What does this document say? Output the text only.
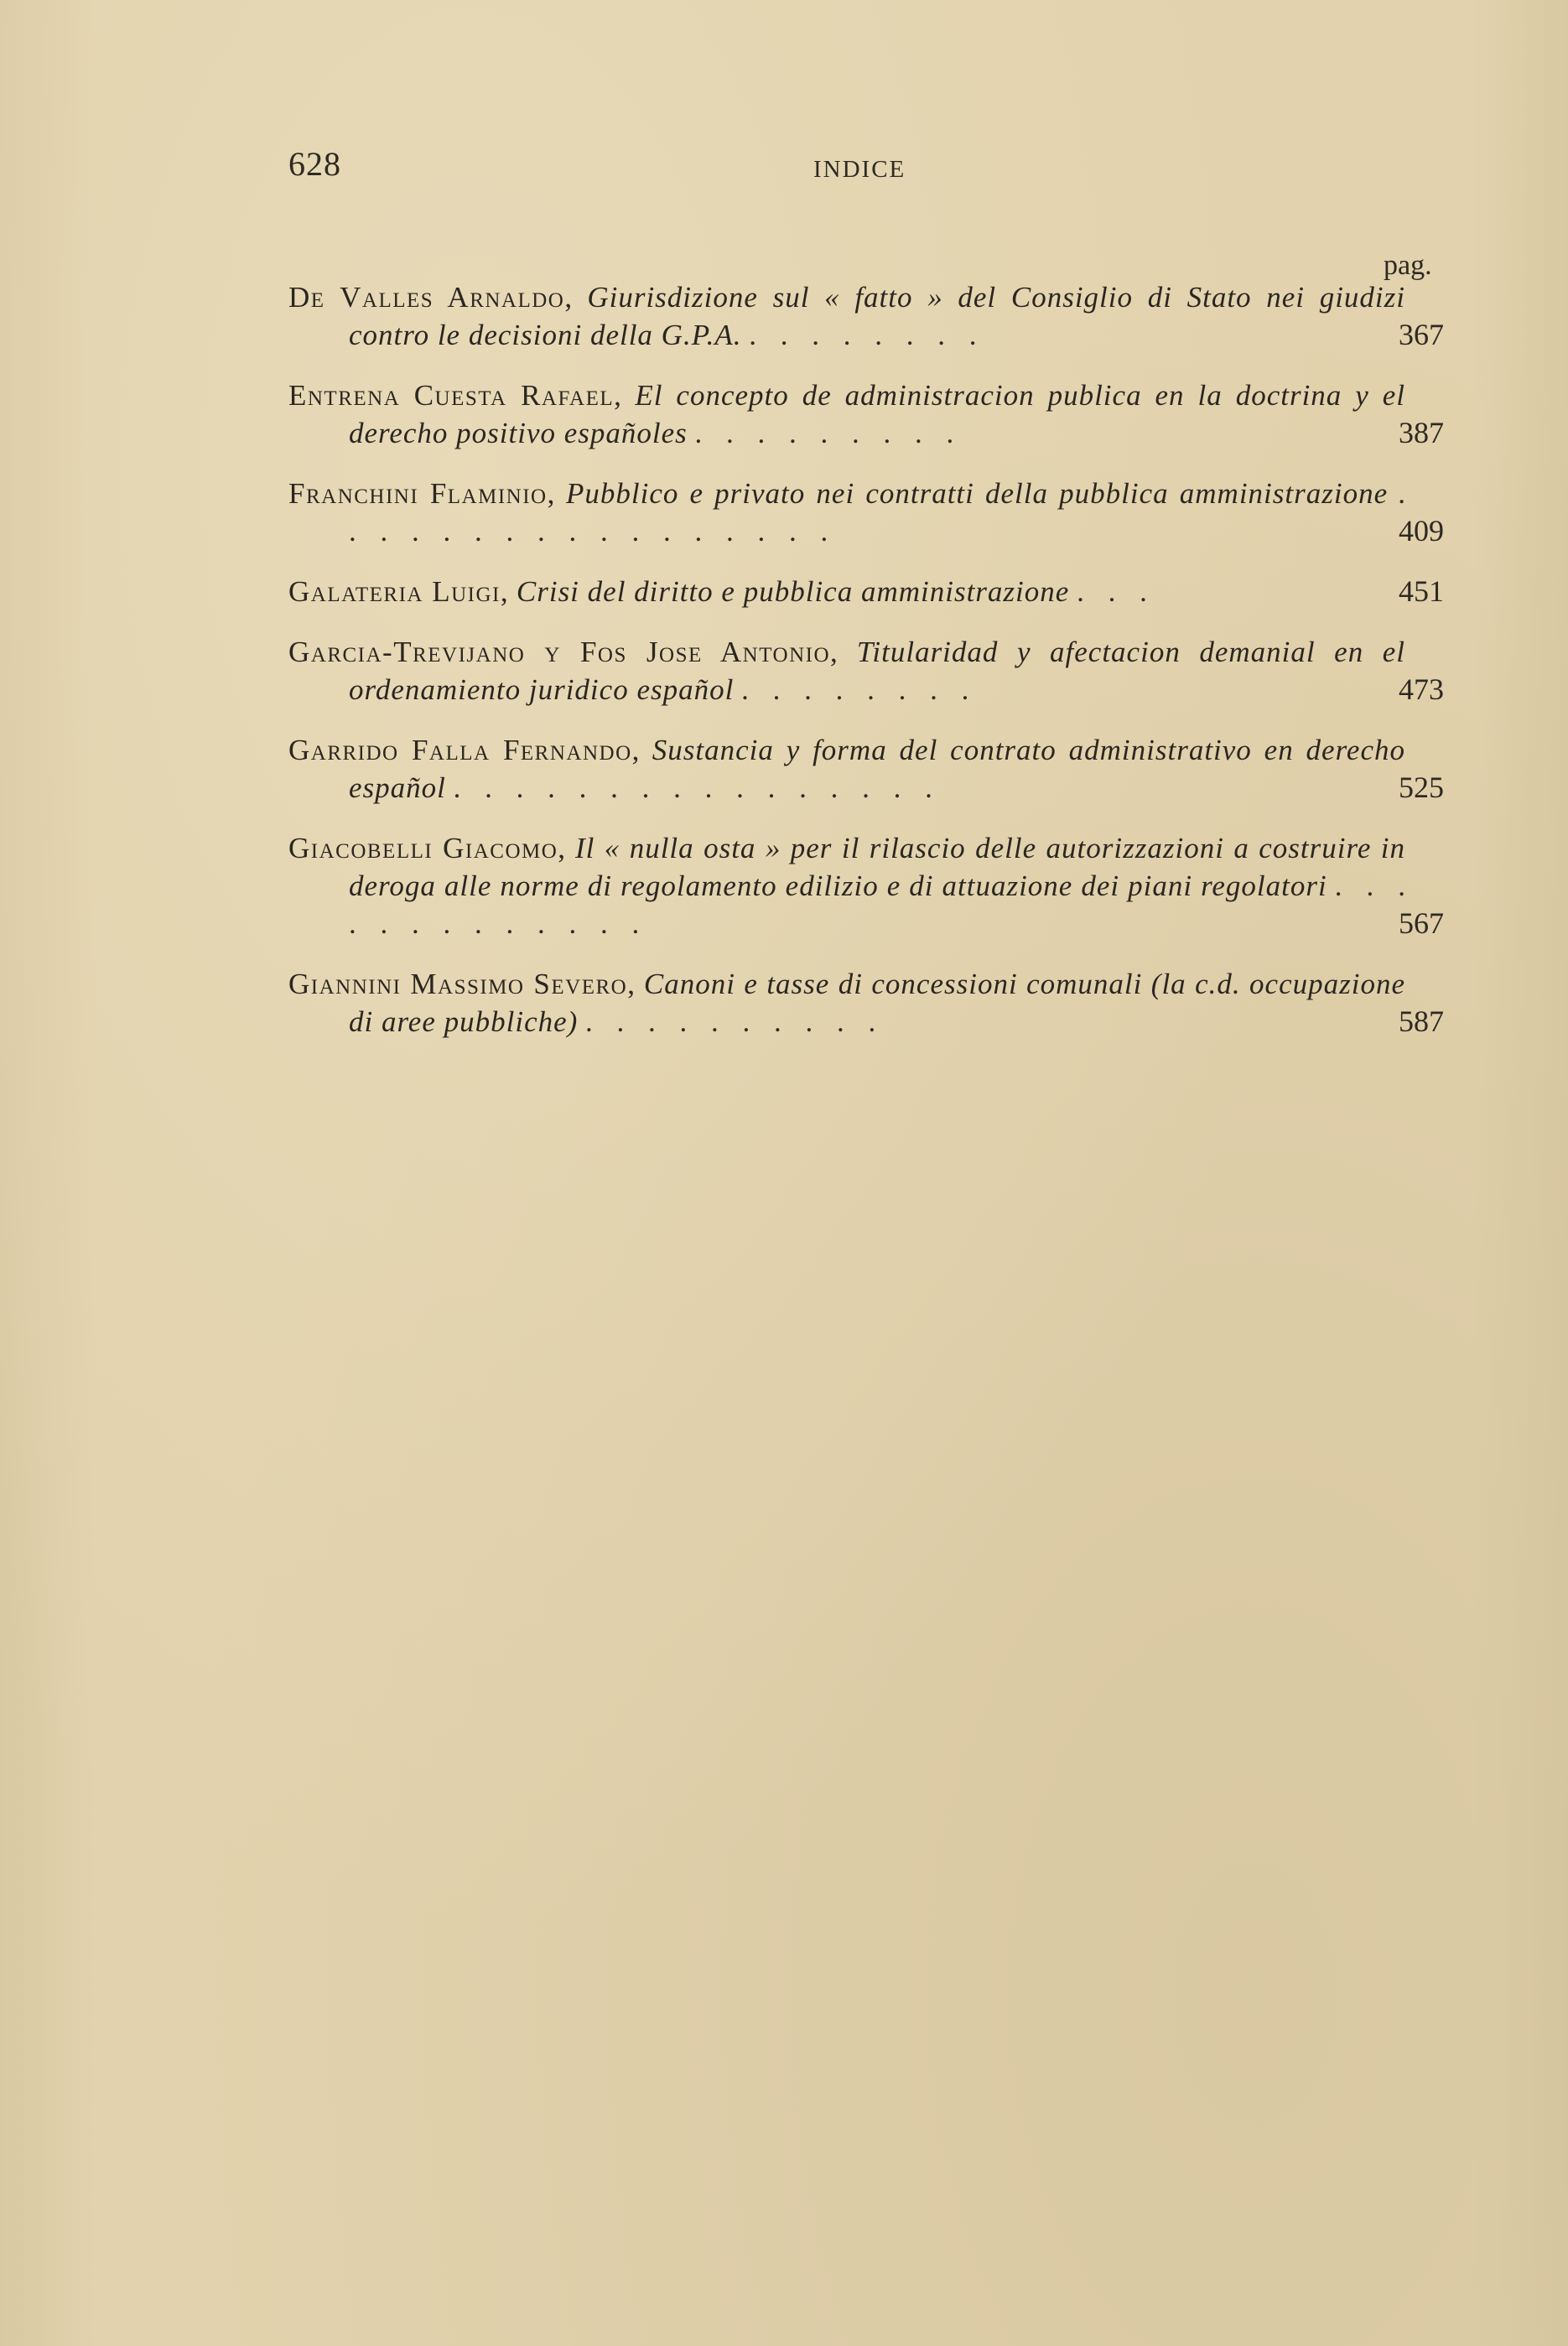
628	INDICE
pag.
De Valles Arnaldo, Giurisdizione sul « fatto » del Consiglio di Stato nei giudizi contro le decisioni della G.P.A. . . . . . . . .	367
Entrena Cuesta Rafael, El concepto de administracion publica en la doctrina y el derecho positivo españoles . . . . . . . . .	387
Franchini Flaminio, Pubblico e privato nei contratti della pubblica amministrazione . . . . . . . . . . . . . . . . .	409
Galateria Luigi, Crisi del diritto e pubblica amministrazione . . .	451
Garcia-Trevijano y Fos Jose Antonio, Titularidad y afectacion demanial en el ordenamiento juridico español . . . . . . . .	473
Garrido Falla Fernando, Sustancia y forma del contrato administrativo en derecho español . . . . . . . . . . . . . . . .	525
Giacobelli Giacomo, Il « nulla osta » per il rilascio delle autorizzazioni a costruire in deroga alle norme di regolamento edilizio e di attuazione dei piani regolatori . . . . . . . . . . . . .	567
Giannini Massimo Severo, Canoni e tasse di concessioni comunali (la c.d. occupazione di aree pubbliche) . . . . . . . . . .	587
